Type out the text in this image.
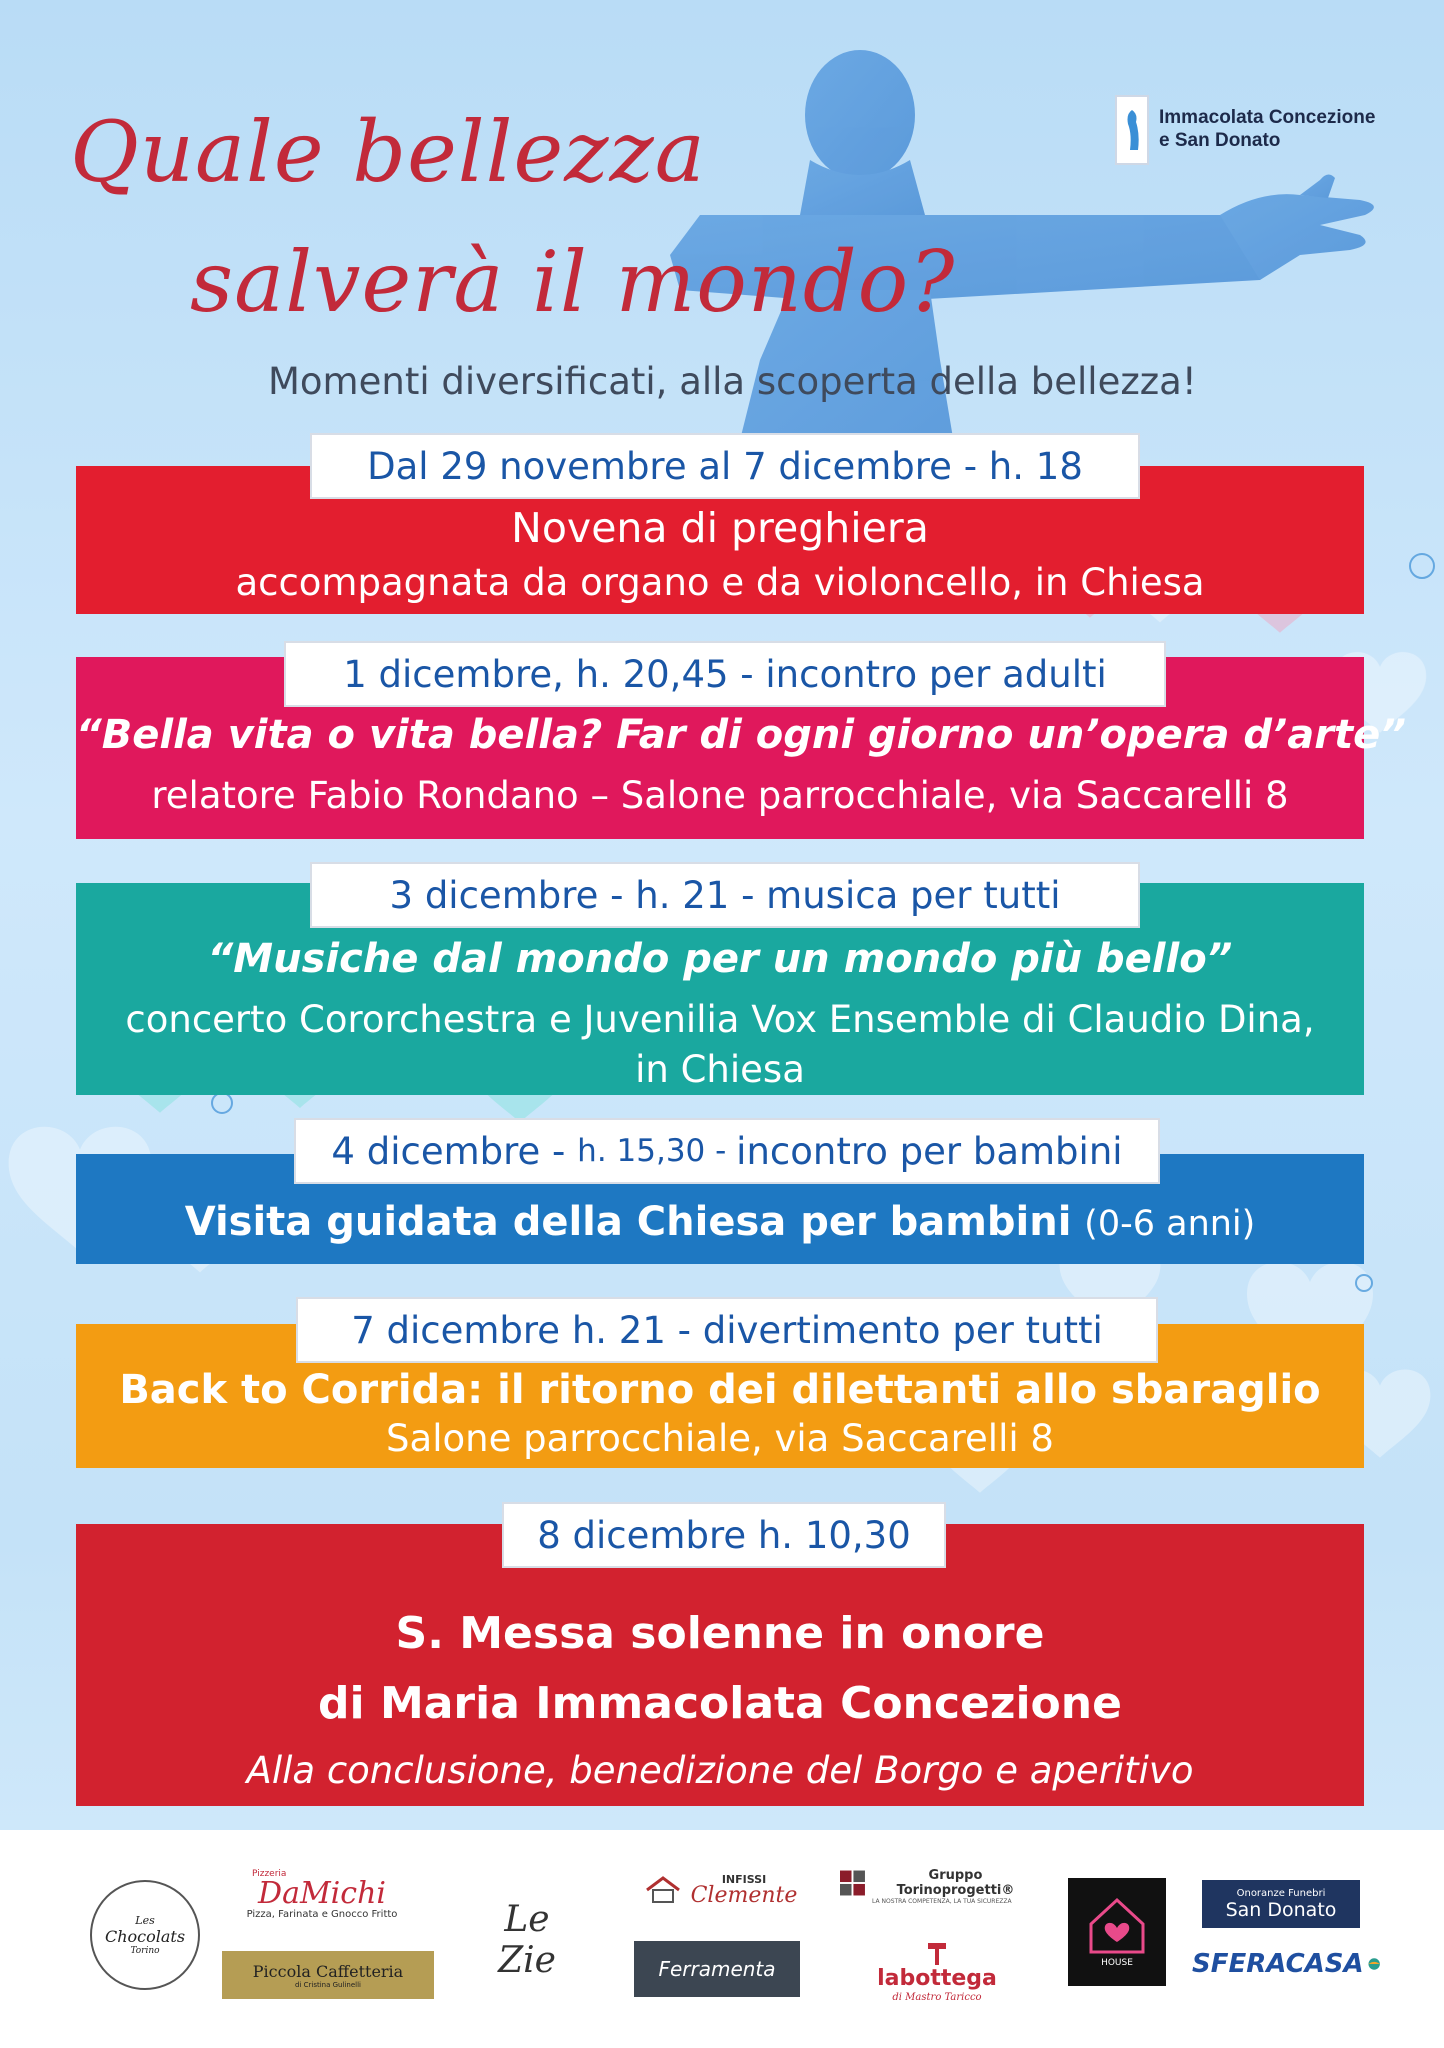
Quale bellezza
salverà il mondo?
Momenti diversificati, alla scoperta della bellezza!
Immacolata Concezione
e San Donato
Novena di preghiera
accompagnata da organo e da violoncello, in Chiesa
Dal 29 novembre al 7 dicembre - h. 18
“Bella vita o vita bella? Far di ogni giorno un’opera d’arte”
relatore Fabio Rondano – Salone parrocchiale, via Saccarelli 8
1 dicembre, h. 20,45 - incontro per adulti
“Musiche dal mondo per un mondo più bello”
concerto Cororchestra e Juvenilia Vox Ensemble di Claudio Dina,
in Chiesa
3 dicembre - h. 21 - musica per tutti
Visita guidata della Chiesa per bambini (0-6 anni)
4 dicembre - h. 15,30 - incontro per bambini
Back to Corrida: il ritorno dei dilettanti allo sbaraglio
Salone parrocchiale, via Saccarelli 8
7 dicembre h. 21 - divertimento per tutti
S. Messa solenne in onore
di Maria Immacolata Concezione
Alla conclusione, benedizione del Borgo e aperitivo
8 dicembre h. 10,30
Les
Chocolats
Torino
Pizzeria
DaMichi
Pizza, Farinata e Gnocco Fritto
Piccola Caffetteria
di Cristina Gulinelli
Le Zie
INFISSI
Clemente
Ferramenta
Gruppo Torinoprogetti®
LA NOSTRA COMPETENZA, LA TUA SICUREZZA
labottega
di Mastro Taricco
HOUSE
Onoranze Funebri
San Donato
SFERACASA
